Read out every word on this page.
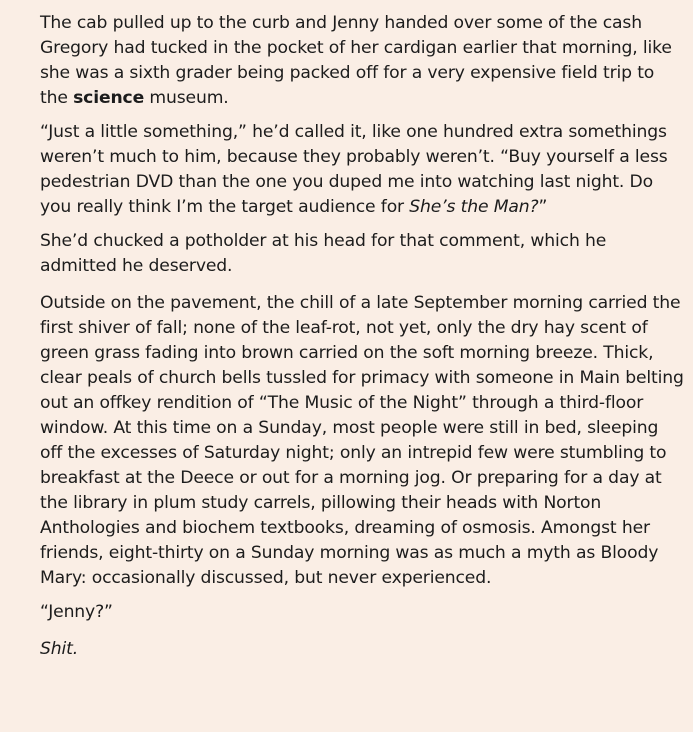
The cab pulled up to the curb and Jenny handed over some of the cash Gregory had tucked in the pocket of her cardigan earlier that morning, like she was a sixth grader being packed off for a very expensive field trip to the science museum.

“Just a little something,” he’d called it, like one hundred extra somethings weren’t much to him, because they probably weren’t. “Buy yourself a less pedestrian DVD than the one you duped me into watching last night. Do you really think I’m the target audience for She’s the Man?”

She’d chucked a potholder at his head for that comment, which he admitted he deserved.

Outside on the pavement, the chill of a late September morning carried the first shiver of fall; none of the leaf-rot, not yet, only the dry hay scent of green grass fading into brown carried on the soft morning breeze. Thick, clear peals of church bells tussled for primacy with someone in Main belting out an offkey rendition of “The Music of the Night” through a third-floor window. At this time on a Sunday, most people were still in bed, sleeping off the excesses of Saturday night; only an intrepid few were stumbling to breakfast at the Deece or out for a morning jog. Or preparing for a day at the library in plum study carrels, pillowing their heads with Norton Anthologies and biochem textbooks, dreaming of osmosis. Amongst her friends, eight-thirty on a Sunday morning was as much a myth as Bloody Mary: occasionally discussed, but never experienced.

“Jenny?”

Shit.
